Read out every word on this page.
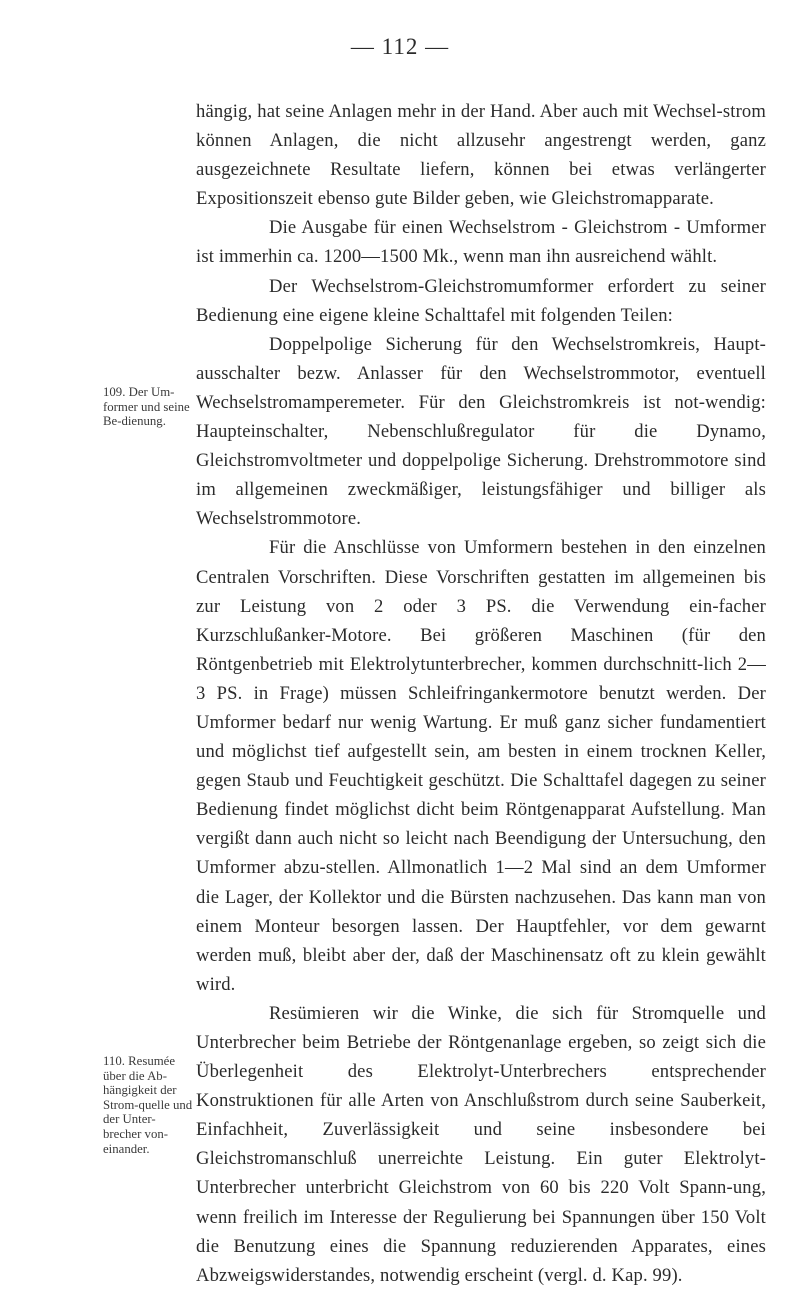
— 112 —
109. Der Um-former und seine Be-dienung.
110. Resumée über die Ab-hängigkeit der Strom-quelle und der Unter-brecher von-einander.

hängig, hat seine Anlagen mehr in der Hand. Aber auch mit Wechsel-strom können Anlagen, die nicht allzusehr angestrengt werden, ganz ausgezeichnete Resultate liefern, können bei etwas verlängerter Expositionszeit ebenso gute Bilder geben, wie Gleichstromapparate.

Die Ausgabe für einen Wechselstrom - Gleichstrom - Umformer ist immerhin ca. 1200—1500 Mk., wenn man ihn ausreichend wählt.

Der Wechselstrom-Gleichstromumformer erfordert zu seiner Bedienung eine eigene kleine Schalttafel mit folgenden Teilen:

Doppelpolige Sicherung für den Wechselstromkreis, Haupt-ausschalter bezw. Anlasser für den Wechselstrommotor, eventuell Wechselstromamperemeter. Für den Gleichstromkreis ist not-wendig: Haupteinschalter, Nebenschlußregulator für die Dynamo, Gleichstromvoltmeter und doppelpolige Sicherung. Drehstrommotore sind im allgemeinen zweckmäßiger, leistungsfähiger und billiger als Wechselstrommotore.

Für die Anschlüsse von Umformern bestehen in den einzelnen Centralen Vorschriften. Diese Vorschriften gestatten im allgemeinen bis zur Leistung von 2 oder 3 PS. die Verwendung ein-facher Kurzschlußanker-Motore. Bei größeren Maschinen (für den Röntgenbetrieb mit Elektrolytunterbrecher, kommen durchschnitt-lich 2—3 PS. in Frage) müssen Schleifringankermotore benutzt werden. Der Umformer bedarf nur wenig Wartung. Er muß ganz sicher fundamentiert und möglichst tief aufgestellt sein, am besten in einem trocknen Keller, gegen Staub und Feuchtigkeit geschützt. Die Schalttafel dagegen zu seiner Bedienung findet möglichst dicht beim Röntgenapparat Aufstellung. Man vergißt dann auch nicht so leicht nach Beendigung der Untersuchung, den Umformer abzu-stellen. Allmonatlich 1—2 Mal sind an dem Umformer die Lager, der Kollektor und die Bürsten nachzusehen. Das kann man von einem Monteur besorgen lassen. Der Hauptfehler, vor dem gewarnt werden muß, bleibt aber der, daß der Maschinensatz oft zu klein gewählt wird.

Resümieren wir die Winke, die sich für Stromquelle und Unterbrecher beim Betriebe der Röntgenanlage ergeben, so zeigt sich die Überlegenheit des Elektrolyt-Unterbrechers entsprechender Konstruktionen für alle Arten von Anschlußstrom durch seine Sauberkeit, Einfachheit, Zuverlässigkeit und seine insbesondere bei Gleichstromanschluß unerreichte Leistung. Ein guter Elektrolyt-Unterbrecher unterbricht Gleichstrom von 60 bis 220 Volt Spann-ung, wenn freilich im Interesse der Regulierung bei Spannungen über 150 Volt die Benutzung eines die Spannung reduzierenden Apparates, eines Abzweigswiderstandes, notwendig erscheint (vergl. d. Kap. 99).
